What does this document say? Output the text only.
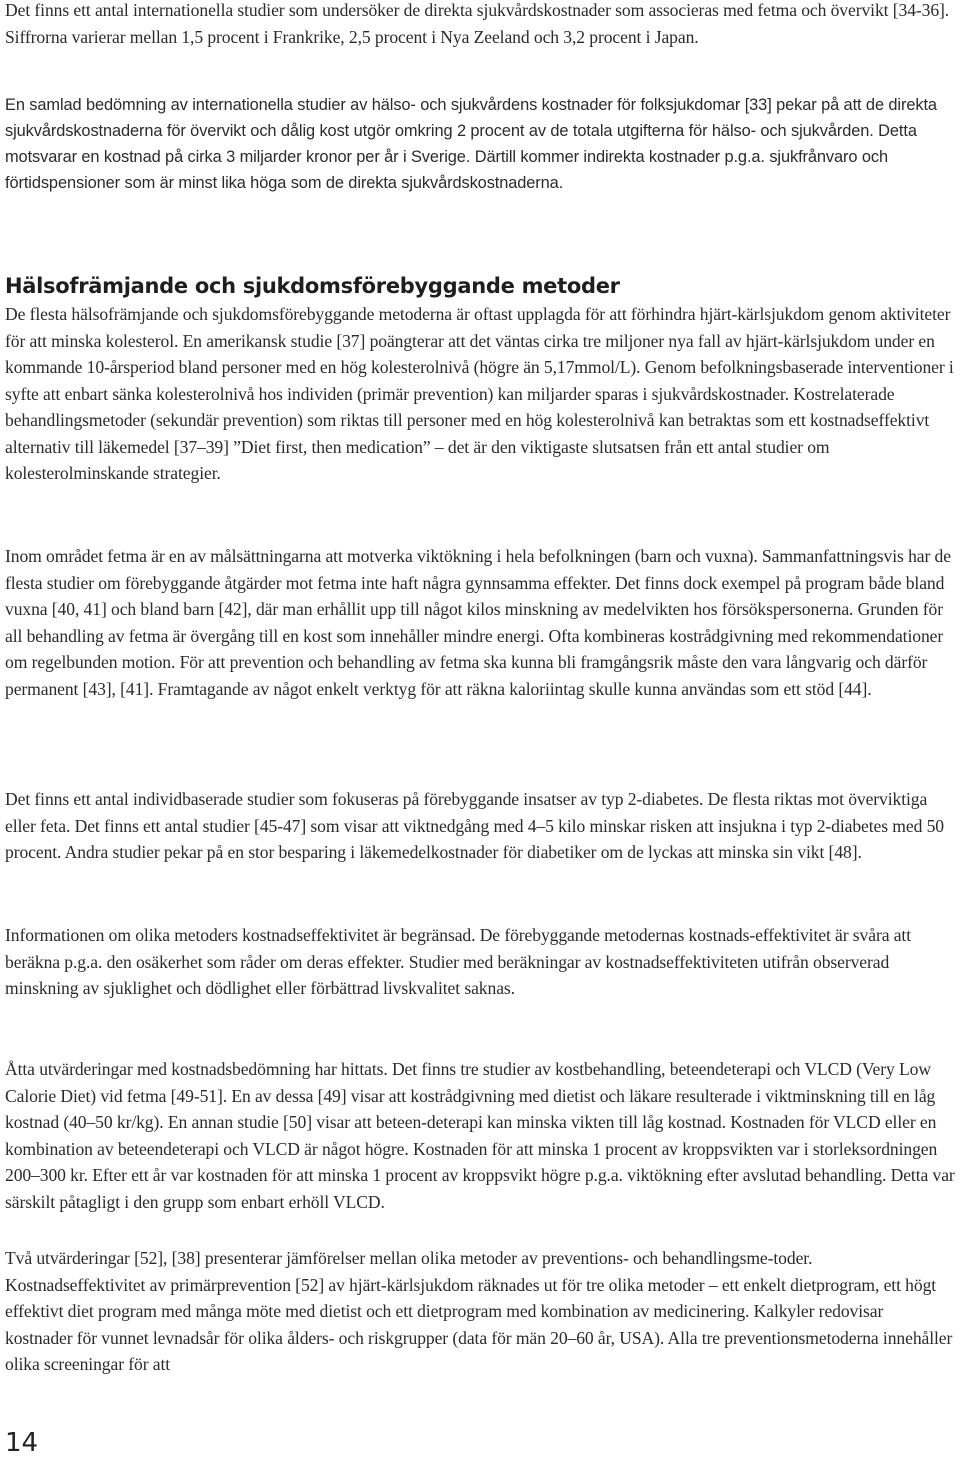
Det finns ett antal internationella studier som undersöker de direkta sjukvårdskostnader som associeras med fetma och övervikt [34-36]. Siffrorna varierar mellan 1,5 procent i Frankrike, 2,5 procent i Nya Zeeland och 3,2 procent i Japan.

En samlad bedömning av internationella studier av hälso- och sjukvårdens kostnader för folksjukdomar [33] pekar på att de direkta sjukvårdskostnaderna för övervikt och dålig kost utgör omkring 2 procent av de totala utgifterna för hälso- och sjukvården. Detta motsvarar en kostnad på cirka 3 miljarder kronor per år i Sverige. Därtill kommer indirekta kostnader p.g.a. sjukfrånvaro och förtidspensioner som är minst lika höga som de direkta sjukvårdskostnaderna.

Hälsofrämjande och sjukdomsförebyggande metoder

De flesta hälsofrämjande och sjukdomsförebyggande metoderna är oftast upplagda för att förhindra hjärt-kärlsjukdom genom aktiviteter för att minska kolesterol. En amerikansk studie [37] poängterar att det väntas cirka tre miljoner nya fall av hjärt-kärlsjukdom under en kommande 10-årsperiod bland personer med en hög kolesterolnivå (högre än 5,17mmol/L). Genom befolkningsbaserade interventioner i syfte att enbart sänka kolesterolnivå hos individen (primär prevention) kan miljarder sparas i sjukvårdskostnader. Kostrelaterade behandlingsmetoder (sekundär prevention) som riktas till personer med en hög kolesterolnivå kan betraktas som ett kostnadseffektivt alternativ till läkemedel [37–39] ”Diet first, then medication” – det är den viktigaste slutsatsen från ett antal studier om kolesterolminskande strategier.

Inom området fetma är en av målsättningarna att motverka viktökning i hela befolkningen (barn och vuxna). Sammanfattningsvis har de flesta studier om förebyggande åtgärder mot fetma inte haft några gynnsamma effekter. Det finns dock exempel på program både bland vuxna [40, 41] och bland barn [42], där man erhållit upp till något kilos minskning av medelvikten hos försökspersonerna. Grunden för all behandling av fetma är övergång till en kost som innehåller mindre energi. Ofta kombineras kostrådgivning med rekommendationer om regelbunden motion. För att prevention och behandling av fetma ska kunna bli framgångsrik måste den vara långvarig och därför permanent [43], [41]. Framtagande av något enkelt verktyg för att räkna kaloriintag skulle kunna användas som ett stöd [44].

Det finns ett antal individbaserade studier som fokuseras på förebyggande insatser av typ 2-diabetes. De flesta riktas mot överviktiga eller feta. Det finns ett antal studier [45-47] som visar att viktnedgång med 4–5 kilo minskar risken att insjukna i typ 2-diabetes med 50 procent. Andra studier pekar på en stor besparing i läkemedelkostnader för diabetiker om de lyckas att minska sin vikt [48].

Informationen om olika metoders kostnadseffektivitet är begränsad. De förebyggande metodernas kostnads-effektivitet är svåra att beräkna p.g.a. den osäkerhet som råder om deras effekter. Studier med beräkningar av kostnadseffektiviteten utifrån observerad minskning av sjuklighet och dödlighet eller förbättrad livskvalitet saknas.

Åtta utvärderingar med kostnadsbedömning har hittats. Det finns tre studier av kostbehandling, beteendeterapi och VLCD (Very Low Calorie Diet) vid fetma [49-51]. En av dessa [49] visar att kostrådgivning med dietist och läkare resulterade i viktminskning till en låg kostnad (40–50 kr/kg). En annan studie [50] visar att beteen-deterapi kan minska vikten till låg kostnad. Kostnaden för VLCD eller en kombination av beteendeterapi och VLCD är något högre. Kostnaden för att minska 1 procent av kroppsvikten var i storleksordningen 200–300 kr. Efter ett år var kostnaden för att minska 1 procent av kroppsvikt högre p.g.a. viktökning efter avslutad behandling. Detta var särskilt påtagligt i den grupp som enbart erhöll VLCD.

Två utvärderingar [52], [38] presenterar jämförelser mellan olika metoder av preventions- och behandlingsme-toder. Kostnadseffektivitet av primärprevention [52] av hjärt-kärlsjukdom räknades ut för tre olika metoder – ett enkelt dietprogram, ett högt effektivt diet program med många möte med dietist och ett dietprogram med kombination av medicinering. Kalkyler redovisar kostnader för vunnet levnadsår för olika ålders- och riskgrupper (data för män 20–60 år, USA). Alla tre preventionsmetoderna innehåller olika screeningar för att

14
